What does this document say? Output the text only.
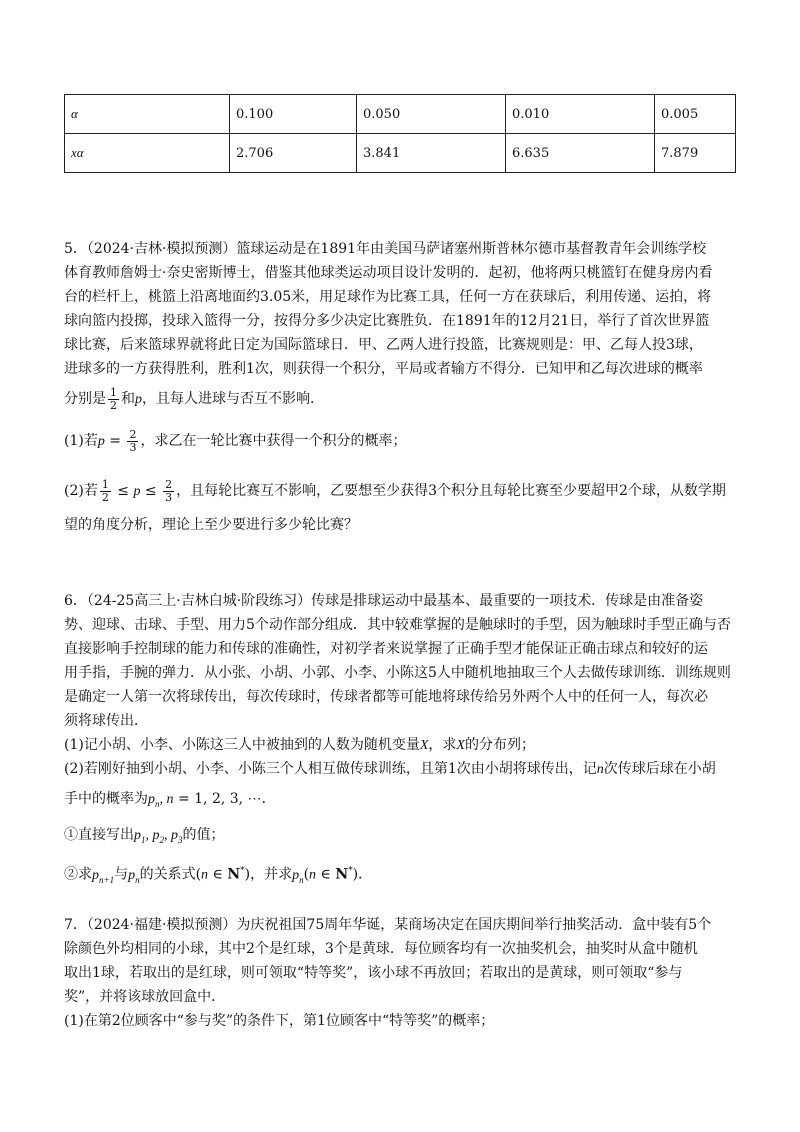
α	0.100	0.050	0.010	0.005
xα	2.706	3.841	6.635	7.879
5．（2024·吉林·模拟预测）篮球运动是在1891年由美国马萨诸塞州斯普林尔德市基督教青年会训练学校
体育教师詹姆士·奈史密斯博士，借鉴其他球类运动项目设计发明的．起初，他将两只桃篮钉在健身房内看
台的栏杆上，桃篮上沿离地面约3.05米，用足球作为比赛工具，任何一方在获球后，利用传递、运拍，将
球向篮内投掷，投球入篮得一分，按得分多少决定比赛胜负．在1891年的12月21日，举行了首次世界篮
球比赛，后来篮球界就将此日定为国际篮球日．甲、乙两人进行投篮，比赛规则是：甲、乙每人投3球，
进球多的一方获得胜利，胜利1次，则获得一个积分，平局或者输方不得分．已知甲和乙每次进球的概率
分别是 $\frac{1}{2}$ 和p，且每人进球与否互不影响．
(1)若$p = \frac{2}{3}$ ，求乙在一轮比赛中获得一个积分的概率；
(2)若 $\frac{1}{2} \le p \le \frac{2}{3}$ ，且每轮比赛互不影响，乙要想至少获得3个积分且每轮比赛至少要超甲2个球，从数学期
望的角度分析，理论上至少要进行多少轮比赛？
6．（24-25高三上·吉林白城·阶段练习）传球是排球运动中最基本、最重要的一项技术．传球是由准备姿
势、迎球、击球、手型、用力5个动作部分组成．其中较难掌握的是触球时的手型，因为触球时手型正确与否
直接影响手控制球的能力和传球的准确性，对初学者来说掌握了正确手型才能保证正确击球点和较好的运
用手指，手腕的弹力．从小张、小胡、小郭、小李、小陈这5人中随机地抽取三个人去做传球训练．训练规则
是确定一人第一次将球传出，每次传球时，传球者都等可能地将球传给另外两个人中的任何一人，每次必
须将球传出．
(1)记小胡、小李、小陈这三人中被抽到的人数为随机变量X，求X的分布列；
(2)若刚好抽到小胡、小李、小陈三个人相互做传球训练，且第1次由小胡将球传出，记n次传球后球在小胡
手中的概率为$p_n$, n = 1, 2, 3, ⋯．
①直接写出$p_1$, $p_2$, $p_3$的值；
②求$p_{n+1}$与$p_n$的关系式(n ∈ N*)，并求$p_n(n$ ∈ N*)．
7．（2024·福建·模拟预测）为庆祝祖国75周年华诞，某商场决定在国庆期间举行抽奖活动．盒中装有5个
除颜色外均相同的小球，其中2个是红球，3个是黄球．每位顾客均有一次抽奖机会，抽奖时从盒中随机
取出1球，若取出的是红球，则可领取“特等奖”，该小球不再放回；若取出的是黄球，则可领取“参与
奖”，并将该球放回盒中．
(1)在第2位顾客中“参与奖”的条件下，第1位顾客中“特等奖”的概率；
